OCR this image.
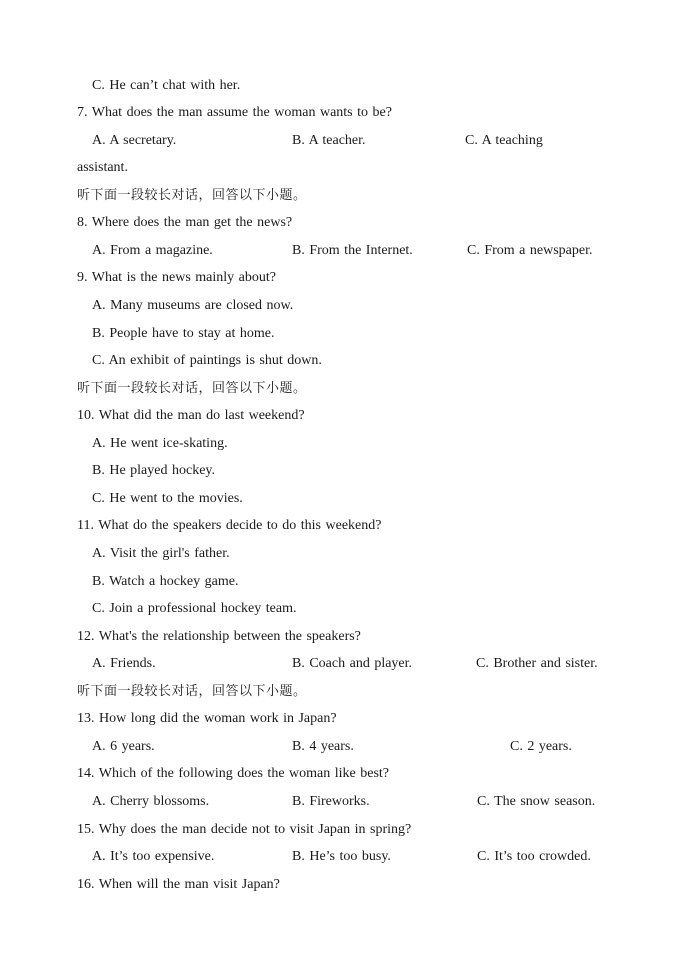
C. He can’t chat with her.
7. What does the man assume the woman wants to be?
A. A secretary.	B. A teacher.	C. A teaching
assistant.
听下面一段较长对话，回答以下小题。
8. Where does the man get the news?
A. From a magazine.	B. From the Internet.	C. From a newspaper.
9. What is the news mainly about?
A. Many museums are closed now.
B. People have to stay at home.
C. An exhibit of paintings is shut down.
听下面一段较长对话，回答以下小题。
10. What did the man do last weekend?
A. He went ice-skating.
B. He played hockey.
C. He went to the movies.
11. What do the speakers decide to do this weekend?
A. Visit the girl's father.
B. Watch a hockey game.
C. Join a professional hockey team.
12. What's the relationship between the speakers?
A. Friends.	B. Coach and player.	C. Brother and sister.
听下面一段较长对话，回答以下小题。
13. How long did the woman work in Japan?
A. 6 years.	B. 4 years.	C. 2 years.
14. Which of the following does the woman like best?
A. Cherry blossoms.	B. Fireworks.	C. The snow season.
15. Why does the man decide not to visit Japan in spring?
A. It’s too expensive.	B. He’s too busy.	C. It’s too crowded.
16. When will the man visit Japan?
